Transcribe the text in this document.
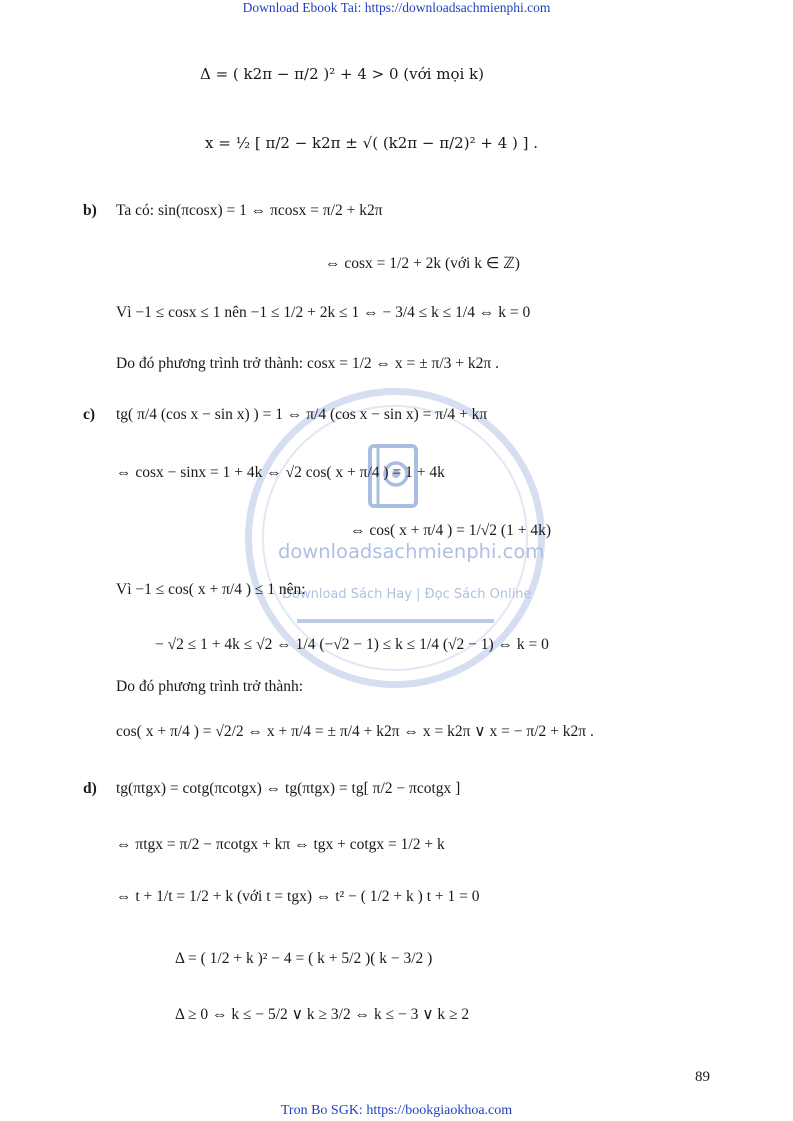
Download Ebook Tai: https://downloadsachmienphi.com
downloadsachmienphi.com
Download Sách Hay | Đọc Sách Online
Δ = ( k2π − π/2 )² + 4 > 0 (với mọi k)
x = ½ [ π/2 − k2π ± √( (k2π − π/2)² + 4 ) ] .
b) Ta có: sin(πcosx) = 1 ⇔ πcosx = π/2 + k2π
⇔ cosx = 1/2 + 2k (với k ∈ ℤ)
Vì −1 ≤ cosx ≤ 1 nên −1 ≤ 1/2 + 2k ≤ 1 ⇔ − 3/4 ≤ k ≤ 1/4 ⇔ k = 0
Do đó phương trình trở thành: cosx = 1/2 ⇔ x = ± π/3 + k2π .
c) tg( π/4 (cos x − sin x) ) = 1 ⇔ π/4 (cos x − sin x) = π/4 + kπ
⇔ cosx − sinx = 1 + 4k ⇔ √2 cos( x + π/4 ) = 1 + 4k
⇔ cos( x + π/4 ) = 1/√2 (1 + 4k)
Vì −1 ≤ cos( x + π/4 ) ≤ 1 nên:
− √2 ≤ 1 + 4k ≤ √2 ⇔ 1/4 (−√2 − 1) ≤ k ≤ 1/4 (√2 − 1) ⇔ k = 0
Do đó phương trình trở thành:
cos( x + π/4 ) = √2/2 ⇔ x + π/4 = ± π/4 + k2π ⇔ x = k2π ∨ x = − π/2 + k2π .
d) tg(πtgx) = cotg(πcotgx) ⇔ tg(πtgx) = tg[ π/2 − πcotgx ]
⇔ πtgx = π/2 − πcotgx + kπ ⇔ tgx + cotgx = 1/2 + k
⇔ t + 1/t = 1/2 + k (với t = tgx) ⇔ t² − ( 1/2 + k ) t + 1 = 0
Δ = ( 1/2 + k )² − 4 = ( k + 5/2 )( k − 3/2 )
Δ ≥ 0 ⇔ k ≤ − 5/2 ∨ k ≥ 3/2 ⇔ k ≤ − 3 ∨ k ≥ 2
89
Tron Bo SGK: https://bookgiaokhoa.com
